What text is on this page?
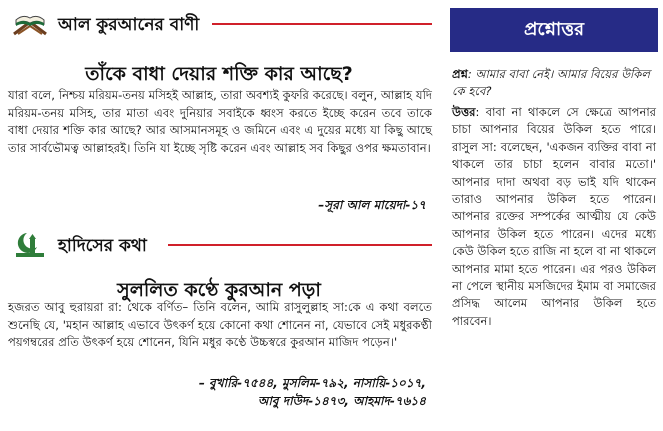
আল কুরআনের বাণী
তাঁকে বাধা দেয়ার শক্তি কার আছে?
যারা বলে, নিশ্চয় মরিয়ম-তনয় মসিহই আল্লাহ, তারা অবশ্যই কুফরি করেছে। বলুন, আল্লাহ যদি মরিয়ম-তনয় মসিহ, তার মাতা এবং দুনিয়ার সবাইকে ধ্বংস করতে ইচ্ছে করেন তবে তাকে বাধা দেয়ার শক্তি কার আছে? আর আসমানসমূহ ও জমিনে এবং এ দুয়ের মধ্যে যা কিছু আছে তার সার্বভৌমত্ব আল্লাহরই। তিনি যা ইচ্ছে সৃষ্টি করেন এবং আল্লাহ সব কিছুর ওপর ক্ষমতাবান।
–সূরা আল মায়েদা-১৭
হাদিসের কথা
সুললিত কণ্ঠে কুরআন পড়া
হজরত আবু হুরায়রা রা: থেকে বর্ণিত– তিনি বলেন, আমি রাসুলুল্লাহ সা:কে এ কথা বলতে শুনেছি যে, 'মহান আল্লাহ এভাবে উৎকর্ণ হয়ে কোনো কথা শোনেন না, যেভাবে সেই মধুরকণ্ঠী পয়গম্বরের প্রতি উৎকর্ণ হয়ে শোনেন, যিনি মধুর কণ্ঠে উচ্চস্বরে কুরআন মাজিদ পড়েন।'
– বুখারি-৭৫৪৪, মুসলিম-৭৯২, নাসায়ি-১০১৭,
আবু দাউদ-১৪৭৩, আহমাদ-৭৬১৪
প্রশ্নোত্তর
প্রশ্ন: আমার বাবা নেই। আমার বিয়ের উকিল কে হবে?
উত্তর: বাবা না থাকলে সে ক্ষেত্রে আপনার চাচা আপনার বিয়ের উকিল হতে পারে। রাসুল সা: বলেছেন, 'একজন ব্যক্তির বাবা না থাকলে তার চাচা হলেন বাবার মতো।' আপনার দাদা অথবা বড় ভাই যদি থাকেন তারাও আপনার উকিল হতে পারেন। আপনার রক্তের সম্পর্কের আত্মীয় যে কেউ আপনার উকিল হতে পারেন। এদের মধ্যে কেউ উকিল হতে রাজি না হলে বা না থাকলে আপনার মামা হতে পারেন। এর পরও উকিল না পেলে স্থানীয় মসজিদের ইমাম বা সমাজের প্রসিদ্ধ আলেম আপনার উকিল হতে পারবেন।
